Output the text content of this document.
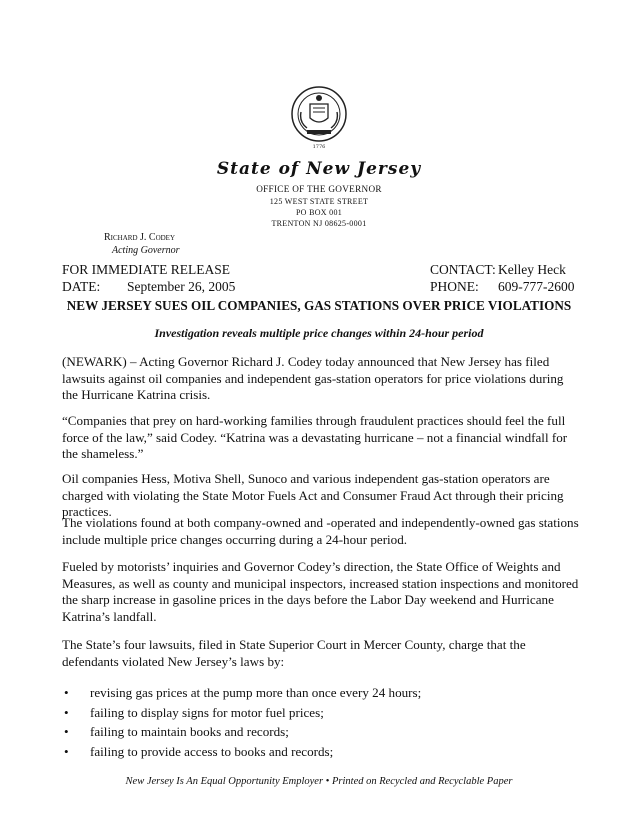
1776
State of New Jersey
OFFICE OF THE GOVERNOR
125 WEST STATE STREET
PO BOX 001
TRENTON NJ 08625-0001
Richard J. Codey
Acting Governor
FOR IMMEDIATE RELEASE
DATE: September 26, 2005
CONTACT: Kelley Heck
PHONE: 609-777-2600
NEW JERSEY SUES OIL COMPANIES, GAS STATIONS OVER PRICE VIOLATIONS
Investigation reveals multiple price changes within 24-hour period
(NEWARK) – Acting Governor Richard J. Codey today announced that New Jersey has filed lawsuits against oil companies and independent gas-station operators for price violations during the Hurricane Katrina crisis.
“Companies that prey on hard-working families through fraudulent practices should feel the full force of the law,” said Codey. “Katrina was a devastating hurricane – not a financial windfall for the shameless.”
Oil companies Hess, Motiva Shell, Sunoco and various independent gas-station operators are charged with violating the State Motor Fuels Act and Consumer Fraud Act through their pricing practices.
The violations found at both company-owned and -operated and independently-owned gas stations include multiple price changes occurring during a 24-hour period.
Fueled by motorists’ inquiries and Governor Codey’s direction, the State Office of Weights and Measures, as well as county and municipal inspectors, increased station inspections and monitored the sharp increase in gasoline prices in the days before the Labor Day weekend and Hurricane Katrina’s landfall.
The State’s four lawsuits, filed in State Superior Court in Mercer County, charge that the defendants violated New Jersey’s laws by:
• revising gas prices at the pump more than once every 24 hours;
• failing to display signs for motor fuel prices;
• failing to maintain books and records;
• failing to provide access to books and records;
New Jersey Is An Equal Opportunity Employer • Printed on Recycled and Recyclable Paper
